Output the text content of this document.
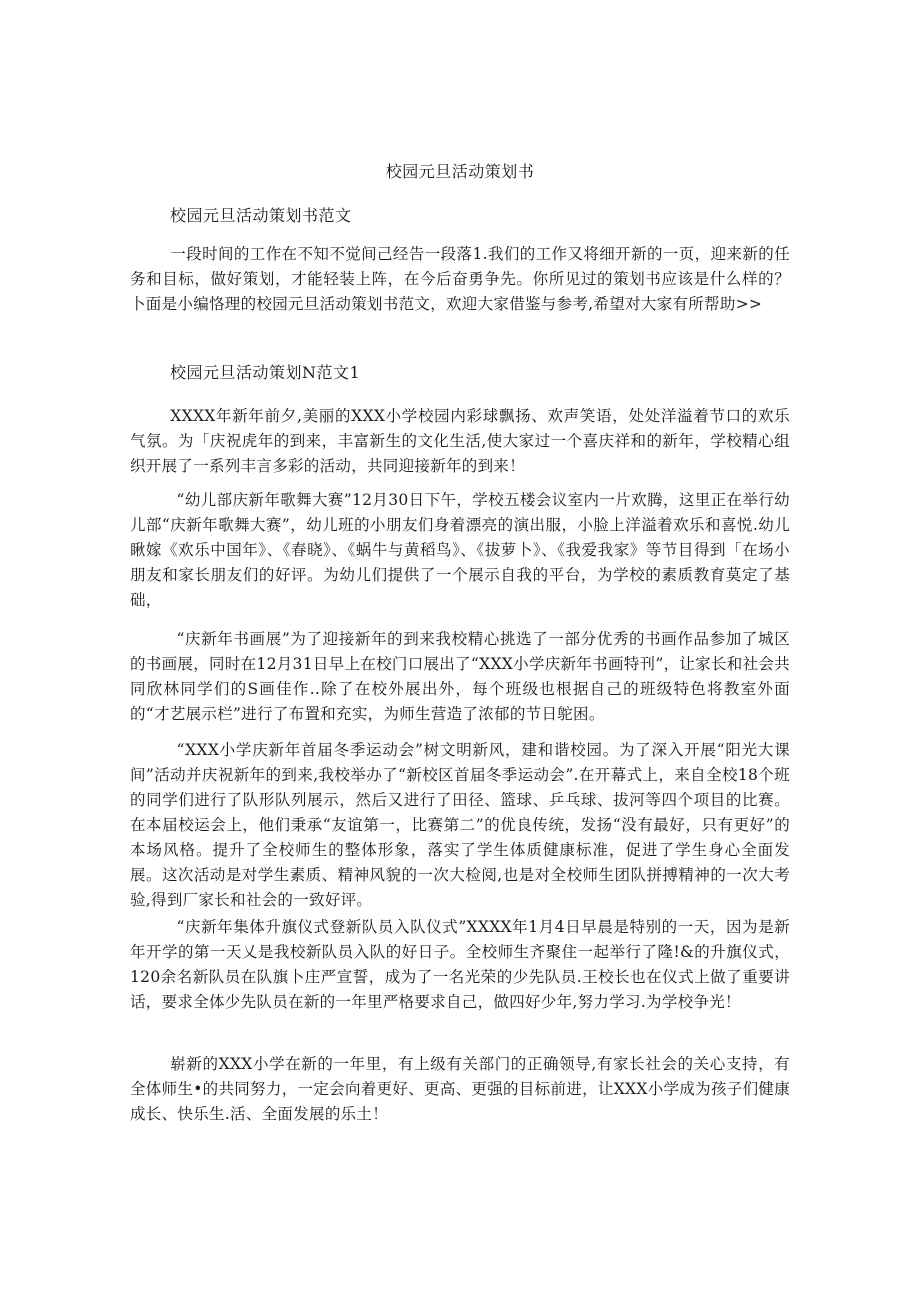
校园元旦活动策划书
校园元旦活动策划书范文
一段时间的工作在不知不觉间己经告一段落1.我们的工作又将细开新的一页，迎来新的任务和目标，做好策划，才能轻装上阵，在今后奋勇争先。你所见过的策划书应该是什么样的？卜面是小编恪理的校园元旦活动策划书范文，欢迎大家借鉴与参考,希望对大家有所帮助>>
校园元旦活动策划N范文1
XXXX年新年前夕,美丽的XXX小学校园内彩球飘扬、欢声笑语，处处洋溢着节口的欢乐气氛。为「庆祝虎年的到来，丰富新生的文化生活,使大家过一个喜庆祥和的新年，学校精心组织开展了一系列丰言多彩的活动，共同迎接新年的到来！
“幼儿部庆新年歌舞大赛”12月30日下午，学校五楼会议室内一片欢腾，这里正在举行幼儿部“庆新年歌舞大赛”，幼儿班的小朋友们身着漂亮的演出服，小脸上洋溢着欢乐和喜悦.幼儿瞅嫁《欢乐中国年》、《春晓》、《蜗牛与黄稻鸟》、《拔萝卜》、《我爱我家》等节目得到「在场小朋友和家长朋友们的好评。为幼儿们提供了一个展示自我的平台，为学校的素质教育莫定了基础，
“庆新年书画展”为了迎接新年的到来我校精心挑选了一部分优秀的书画作品参加了城区的书画展，同时在12月31日早上在校门口展出了“XXX小学庆新年书画特刊”，让家长和社会共同欣林同学们的S画佳作..除了在校外展出外，每个班级也根据自己的班级特色将教室外面的“才艺展示栏”进行了布置和充实，为师生营造了浓郁的节日鸵困。
“XXX小学庆新年首届冬季运动会”树文明新风，建和谐校园。为了深入开展“阳光大课间”活动并庆祝新年的到来,我校举办了“新校区首届冬季运动会”.在开幕式上，来自全校18个班的同学们进行了队形队列展示，然后又进行了田径、篮球、乒乓球、拔河等四个项目的比赛。在本届校运会上，他们秉承“友谊第一，比赛第二”的优良传统，发扬“没有最好，只有更好”的本场风格。提升了全校师生的整体形象，落实了学生体质健康标准，促进了学生身心全面发展。这次活动是对学生素质、精神风貌的一次大检阅,也是对全校师生团队拼搏精神的一次大考验,得到厂家长和社会的一致好评。
“庆新年集体升旗仪式登新队员入队仪式”XXXX年1月4日早晨是特别的一天，因为是新年开学的第一天乂是我校新队员入队的好日子。全校师生齐聚住一起举行了隆!&的升旗仪式，120余名新队员在队旗卜庄严宣誓，成为了一名光荣的少先队员.王校长也在仪式上做了重要讲话，要求全体少先队员在新的一年里严格要求自己，做四好少年,努力学习.为学校争光！
崭新的XXX小学在新的一年里，有上级有关部门的正确领导,有家长社会的关心支持，有全体师生•的共同努力，一定会向着更好、更高、更强的目标前进，让XXX小学成为孩子们健康成长、快乐生.活、全面发展的乐土！
